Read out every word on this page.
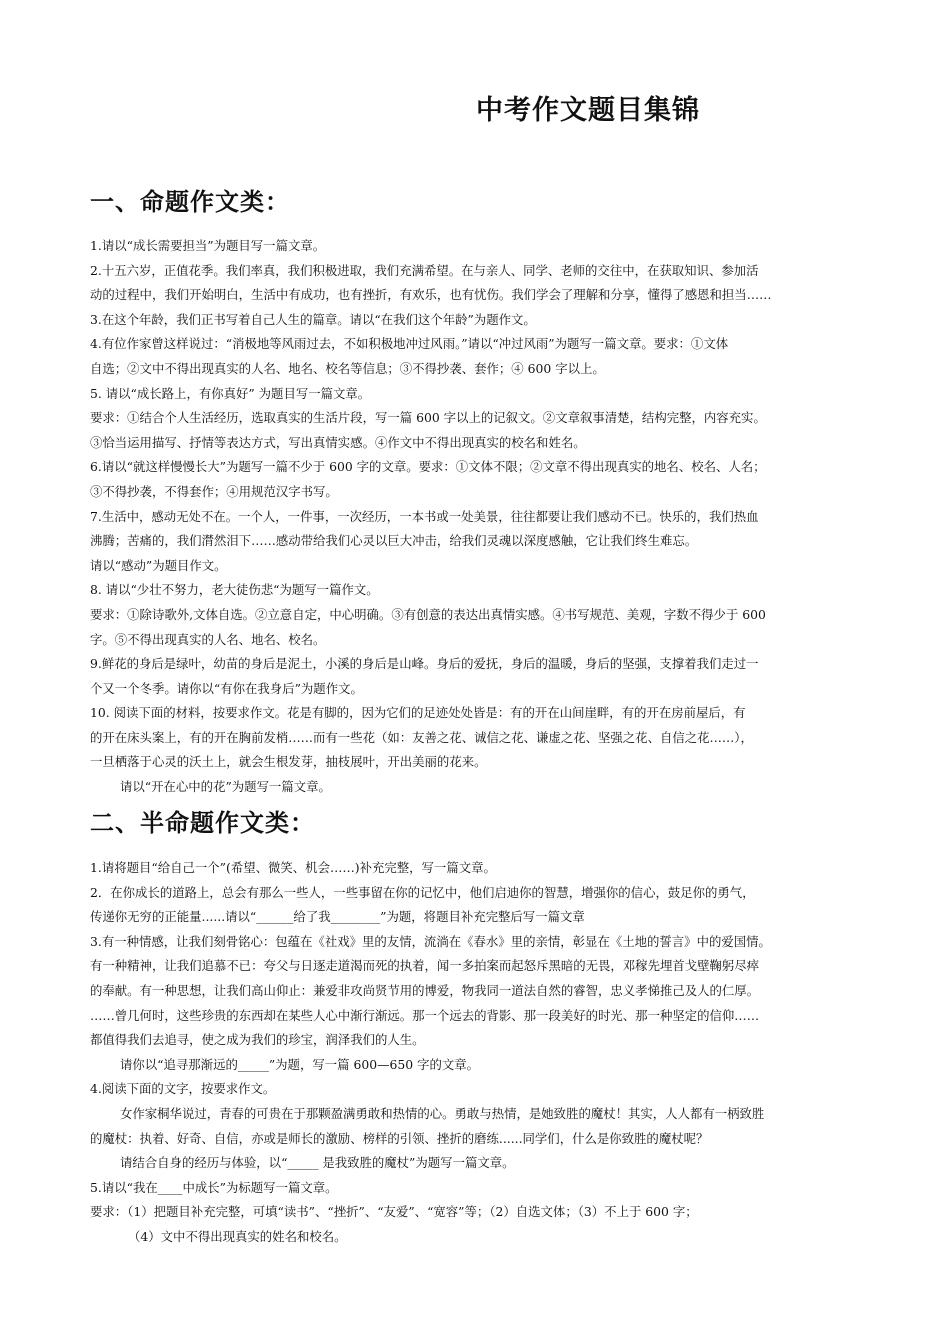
中考作文题目集锦
一、命题作文类：
1.请以“成长需要担当”为题目写一篇文章。
2.十五六岁，正值花季。我们率真，我们积极进取，我们充满希望。在与亲人、同学、老师的交往中，在获取知识、参加活
动的过程中，我们开始明白，生活中有成功，也有挫折，有欢乐，也有忧伤。我们学会了理解和分享，懂得了感恩和担当……
3.在这个年龄，我们正书写着自己人生的篇章。请以“在我们这个年龄”为题作文。
4.有位作家曾这样说过：“消极地等风雨过去，不如积极地冲过风雨。”请以“冲过风雨”为题写一篇文章。要求：①文体
自选；②文中不得出现真实的人名、地名、校名等信息；③不得抄袭、套作；④ 600 字以上。
5. 请以“成长路上，有你真好” 为题目写一篇文章。
要求：①结合个人生活经历，选取真实的生活片段，写一篇 600 字以上的记叙文。②文章叙事清楚，结构完整，内容充实。
③恰当运用描写、抒情等表达方式，写出真情实感。④作文中不得出现真实的校名和姓名。
6.请以“就这样慢慢长大”为题写一篇不少于 600 字的文章。要求：①文体不限；②文章不得出现真实的地名、校名、人名；
③不得抄袭，不得套作；④用规范汉字书写。
7.生活中，感动无处不在。一个人，一件事，一次经历，一本书或一处美景，往往都要让我们感动不已。快乐的，我们热血
沸腾；苦痛的，我们潸然泪下……感动带给我们心灵以巨大冲击，给我们灵魂以深度感触，它让我们终生难忘。
请以“感动”为题目作文。
8. 请以“少壮不努力，老大徒伤悲“为题写一篇作文。
要求：①除诗歌外,文体自选。②立意自定，中心明确。③有创意的表达出真情实感。④书写规范、美观，字数不得少于 600
字。⑤不得出现真实的人名、地名、校名。
9.鲜花的身后是绿叶，幼苗的身后是泥土，小溪的身后是山峰。身后的爱抚，身后的温暖，身后的坚强，支撑着我们走过一
个又一个冬季。请你以“有你在我身后”为题作文。
10. 阅读下面的材料，按要求作文。花是有脚的，因为它们的足迹处处皆是：有的开在山间崖畔，有的开在房前屋后，有
的开在床头案上，有的开在胸前发梢……而有一些花（如：友善之花、诚信之花、谦虚之花、坚强之花、自信之花……），
一旦栖落于心灵的沃土上，就会生根发芽，抽枝展叶，开出美丽的花来。
请以“开在心中的花”为题写一篇文章。
二、半命题作文类：
1.请将题目“给自己一个”(希望、微笑、机会……)补充完整，写一篇文章。
2．在你成长的道路上，总会有那么一些人，一些事留在你的记忆中，他们启迪你的智慧，增强你的信心，鼓足你的勇气，
传递你无穷的正能量......请以“______给了我________”为题，将题目补充完整后写一篇文章
3.有一种情感，让我们刻骨铭心：包蕴在《社戏》里的友情，流淌在《春水》里的亲情，彰显在《土地的誓言》中的爱国情。
有一种精神，让我们追慕不已：夸父与日逐走道渴而死的执着，闻一多拍案而起怒斥黑暗的无畏，邓稼先埋首戈壁鞠躬尽瘁
的奉献。有一种思想，让我们高山仰止：兼爱非攻尚贤节用的博爱，物我同一道法自然的睿智，忠义孝悌推己及人的仁厚。
……曾几何时，这些珍贵的东西却在某些人心中渐行渐远。那一个远去的背影、那一段美好的时光、那一种坚定的信仰……
都值得我们去追寻，使之成为我们的珍宝，润泽我们的人生。
请你以“追寻那渐远的_____”为题，写一篇 600—650 字的文章。
4.阅读下面的文字，按要求作文。
女作家桐华说过，青春的可贵在于那颗盈满勇敢和热情的心。勇敢与热情，是她致胜的魔杖！其实，人人都有一柄致胜
的魔杖：执着、好奇、自信，亦或是师长的激励、榜样的引领、挫折的磨练......同学们，什么是你致胜的魔杖呢？
请结合自身的经历与体验，以“_____ 是我致胜的魔杖”为题写一篇文章。
5.请以“我在____中成长”为标题写一篇文章。
要求：（1）把题目补充完整，可填“读书”、“挫折”、“友爱”、“宽容”等；（2）自选文体；（3）不上于 600 字；
（4）文中不得出现真实的姓名和校名。
